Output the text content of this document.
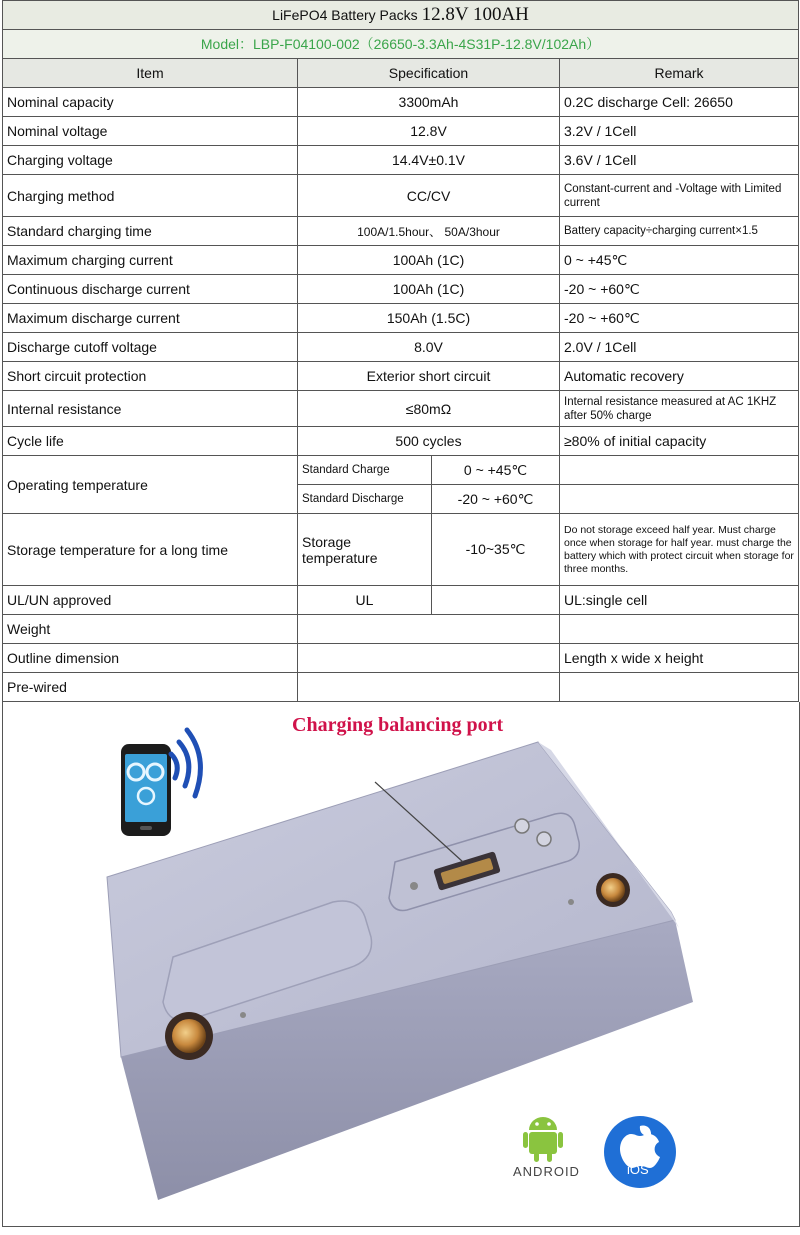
LiFePO4 Battery Packs 12.8V 100AH			
Model：LBP-F04100-002（26650-3.3Ah-4S31P-12.8V/102Ah）			
Item	Specification		Remark
Nominal capacity	3300mAh		0.2C discharge Cell: 26650
Nominal voltage	12.8V		3.2V / 1Cell
Charging voltage	14.4V±0.1V		3.6V / 1Cell
Charging method	CC/CV		Constant-current and -Voltage with Limited current
Standard charging time	100A/1.5hour、 50A/3hour		Battery capacity÷charging current×1.5
Maximum charging current	100Ah (1C)		0 ~ +45℃
Continuous discharge current	100Ah (1C)		-20 ~ +60℃
Maximum discharge current	150Ah (1.5C)		-20 ~ +60℃
Discharge cutoff voltage	8.0V		2.0V / 1Cell
Short circuit protection	Exterior short circuit		Automatic recovery
Internal resistance	≤80mΩ		Internal resistance measured at AC 1KHZ after 50% charge
Cycle life	500 cycles		≥80% of initial capacity
Operating temperature	Standard Charge	0 ~ +45℃	
	Standard Discharge	-20 ~ +60℃	
Storage temperature for a long time	Storage temperature	-10~35℃	Do not storage exceed half year. Must charge once when storage for half year. must charge the battery which with protect circuit when storage for three months.
UL/UN approved	UL		UL:single cell
Weight			
Outline dimension			Length x wide x height
Pre-wired			
Charging balancing port
ANDROID	iOS
